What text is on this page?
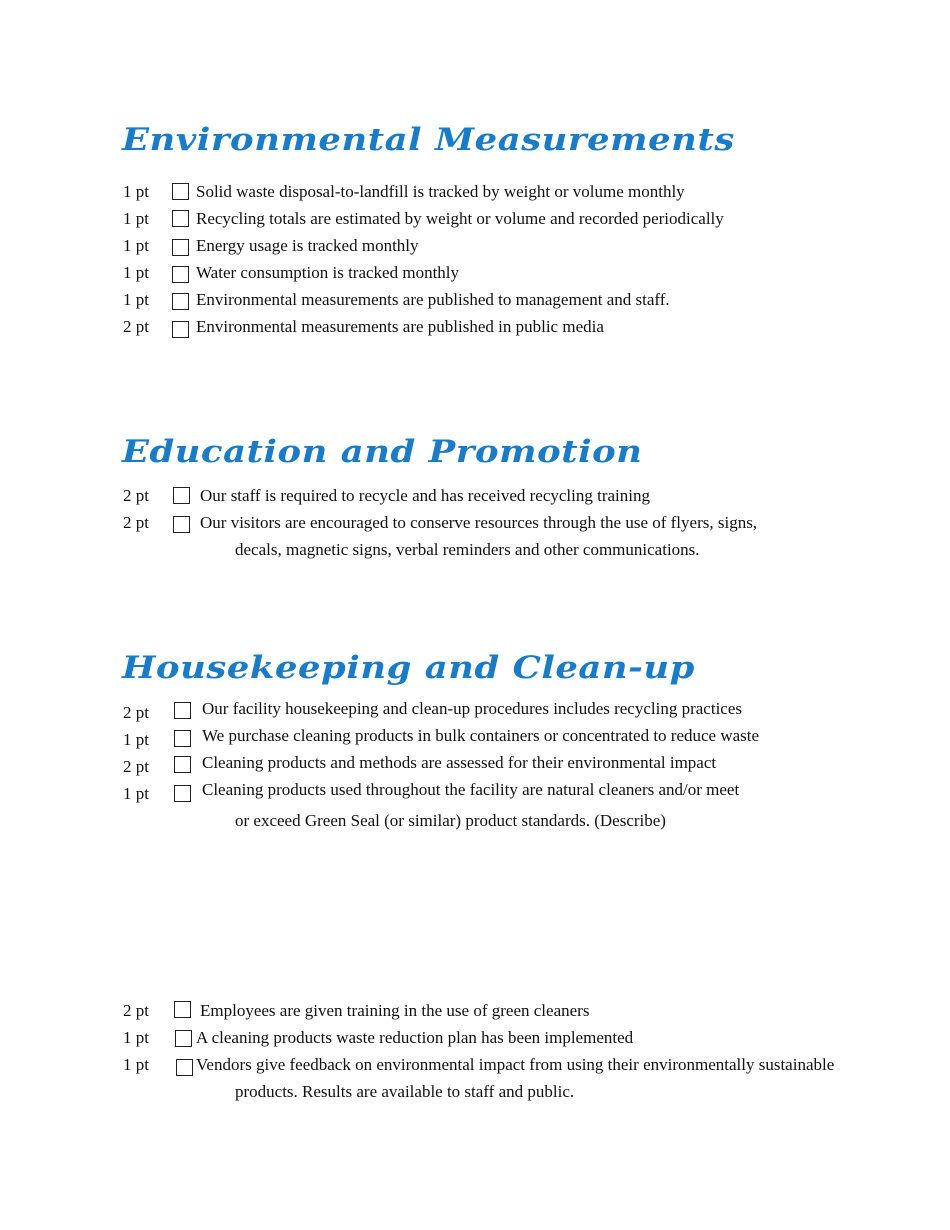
Environmental Measurements
1 pt	Solid waste disposal-to-landfill is tracked by weight or volume monthly
1 pt	Recycling totals are estimated by weight or volume and recorded periodically
1 pt	Energy usage is tracked monthly
1 pt	Water consumption is tracked monthly
1 pt	Environmental measurements are published to management and staff.
2 pt	Environmental measurements are published in public media
Education and Promotion
2 pt	Our staff is required to recycle and has received recycling training
2 pt	Our visitors are encouraged to conserve resources through the use of flyers, signs,
decals, magnetic signs, verbal reminders and other communications.
Housekeeping and Clean-up
2 pt	Our facility housekeeping and clean-up procedures includes recycling practices
1 pt	We purchase cleaning products in bulk containers or concentrated to reduce waste
2 pt	Cleaning products and methods are assessed for their environmental impact
1 pt	Cleaning products used throughout the facility are natural cleaners and/or meet
or exceed Green Seal (or similar) product standards. (Describe)
2 pt	Employees are given training in the use of green cleaners
1 pt	A cleaning products waste reduction plan has been implemented
1 pt	Vendors give feedback on environmental impact from using their environmentally sustainable
products. Results are available to staff and public.
